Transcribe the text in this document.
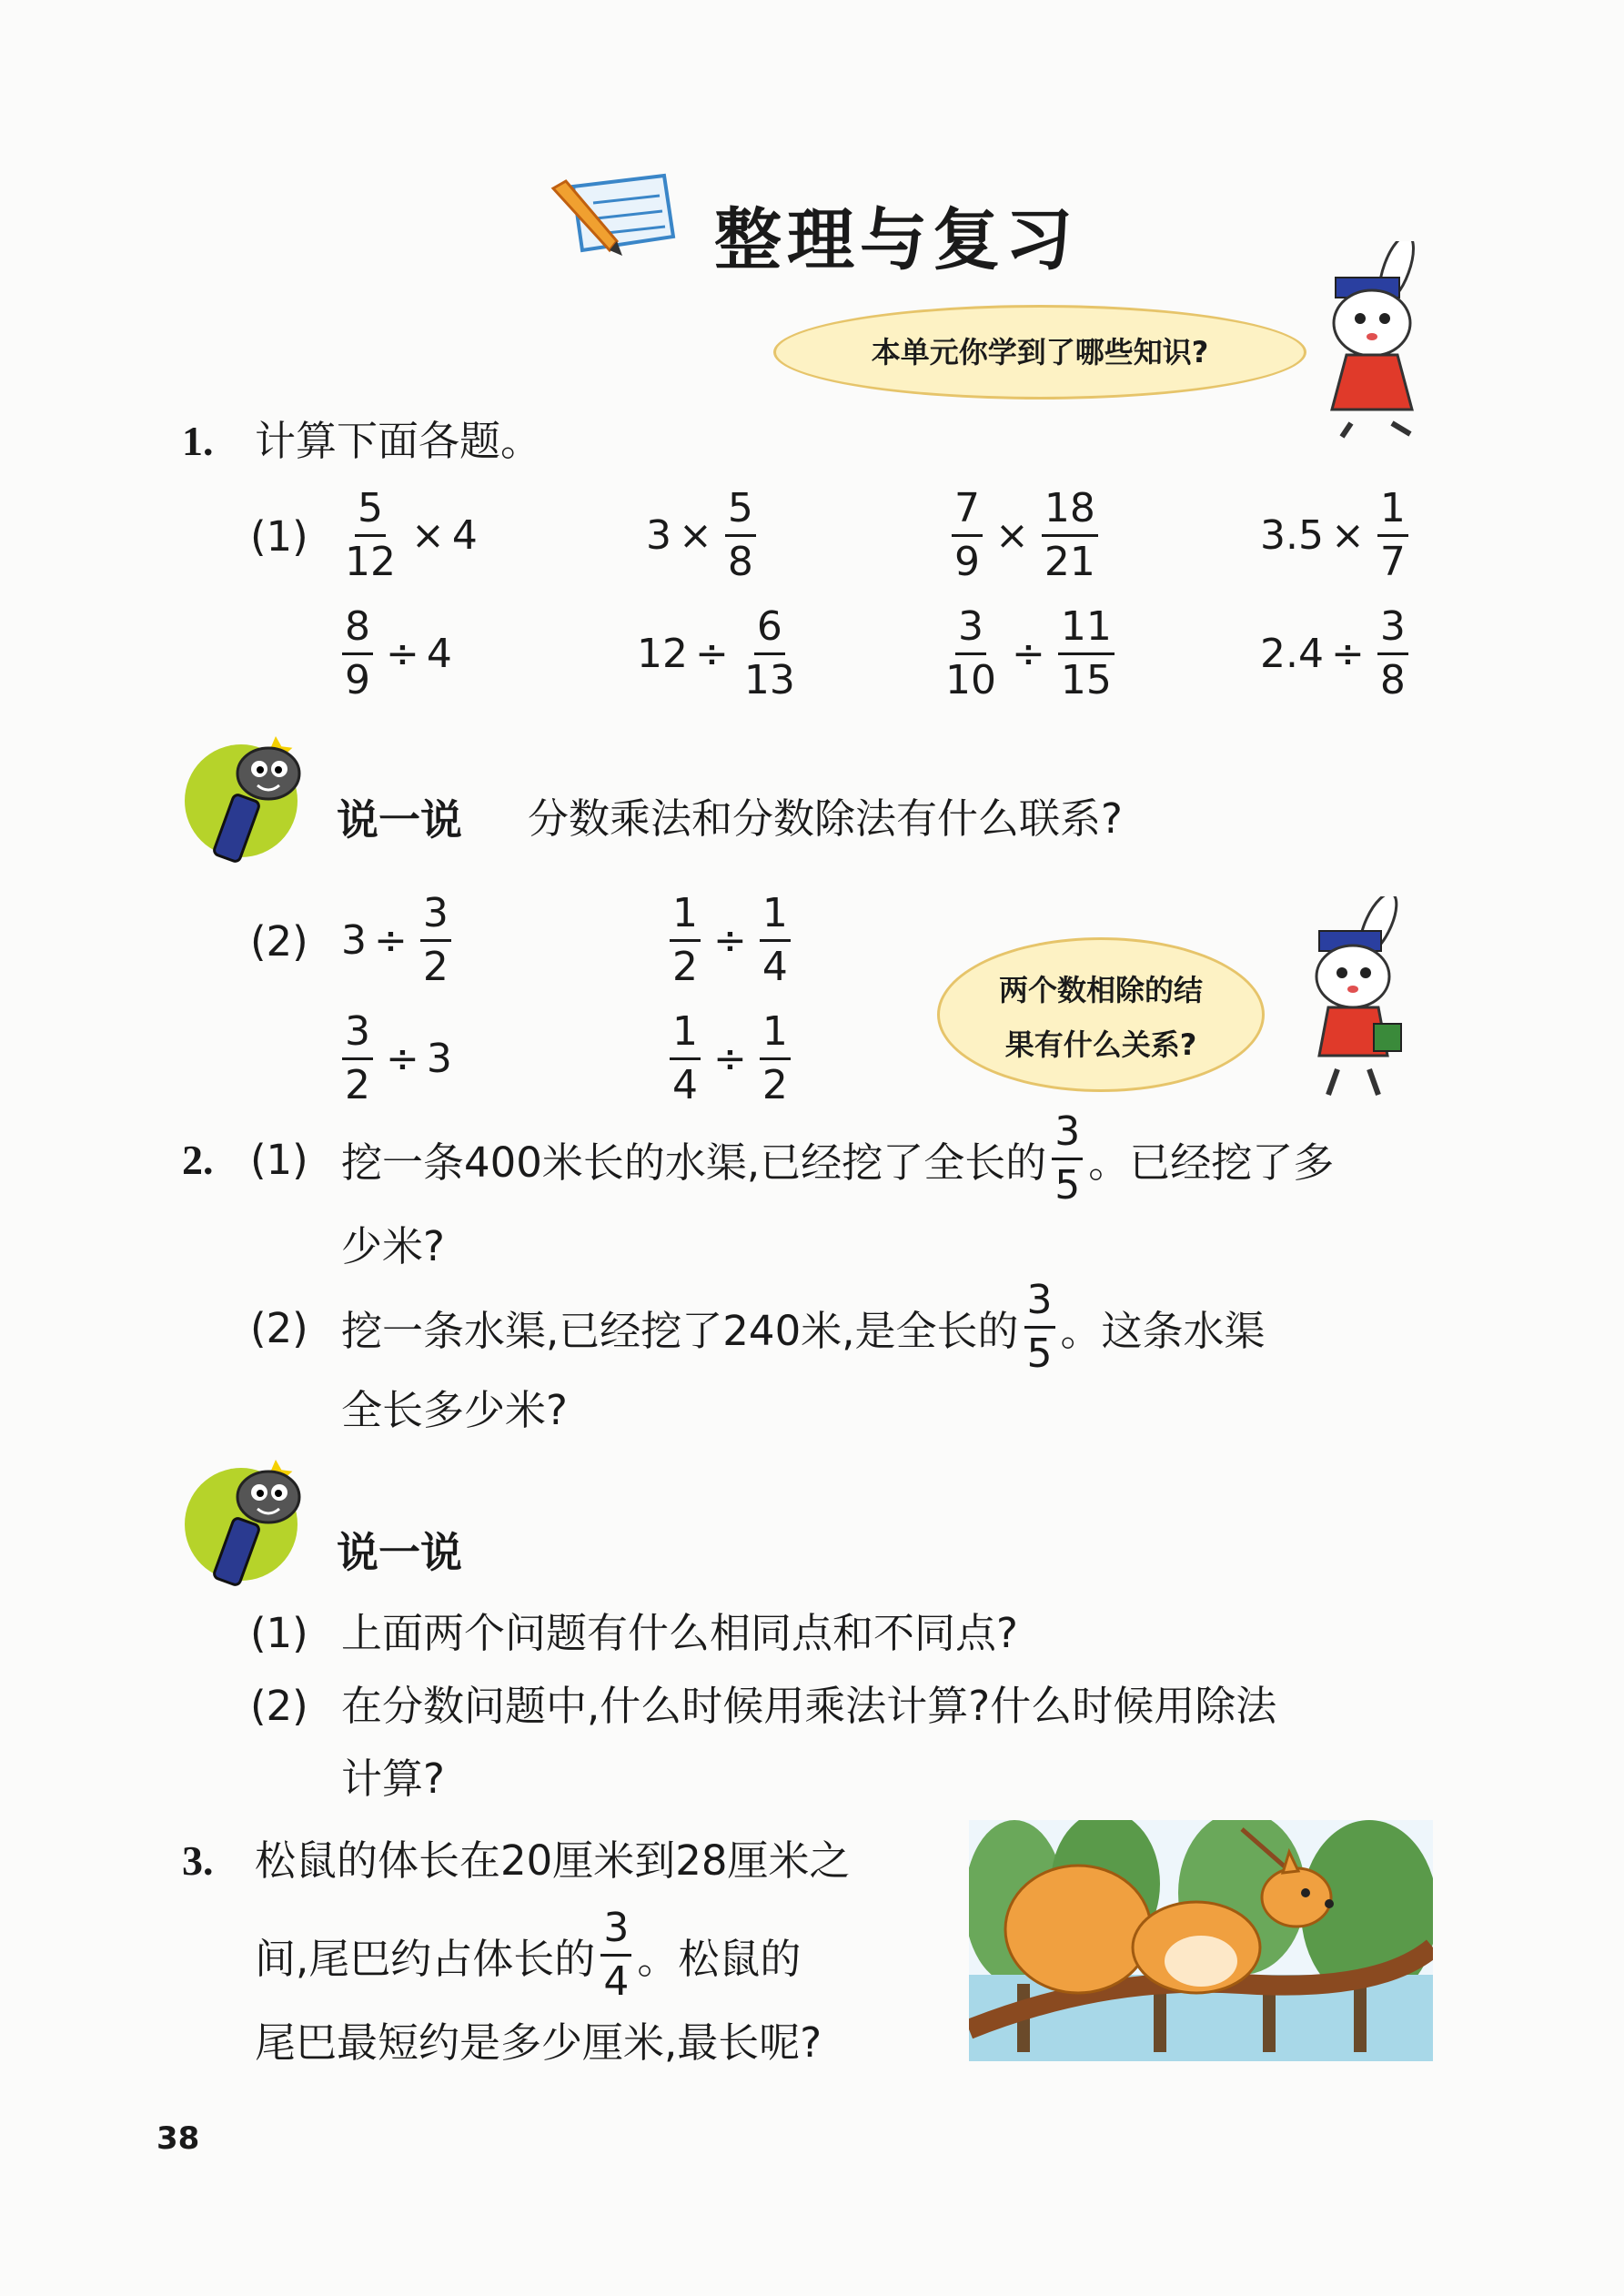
整理与复习
本单元你学到了哪些知识?
1. 计算下面各题。
$(1) \frac{5}{12} \times 4$	$3 \times \frac{5}{8}$	$\frac{7}{9} \times \frac{18}{21}$	$3.5 \times \frac{1}{7}$
$\frac{8}{9} \div 4$	$12 \div \frac{6}{13}$	$\frac{3}{10} \div \frac{11}{15}$	$2.4 \div \frac{3}{8}$
说一说 分数乘法和分数除法有什么联系?
(2) $3 \div \frac{3}{2}$	$\frac{1}{2} \div \frac{1}{4}$
$\frac{3}{2} \div 3$	$\frac{1}{4} \div \frac{1}{2}$
两个数相除的结
果有什么关系?
2. (1) 挖一条400米长的水渠,已经挖了全长的 $\frac{3}{5}$ 。已经挖了多
少米?
(2) 挖一条水渠,已经挖了240米,是全长的 $\frac{3}{5}$ 。这条水渠
全长多少米?
说一说
(1) 上面两个问题有什么相同点和不同点?
(2) 在分数问题中,什么时候用乘法计算?什么时候用除法
计算?
3. 松鼠的体长在20厘米到28厘米之
间,尾巴约占体长的 $\frac{3}{4}$ 。松鼠的
尾巴最短约是多少厘米,最长呢?
38
